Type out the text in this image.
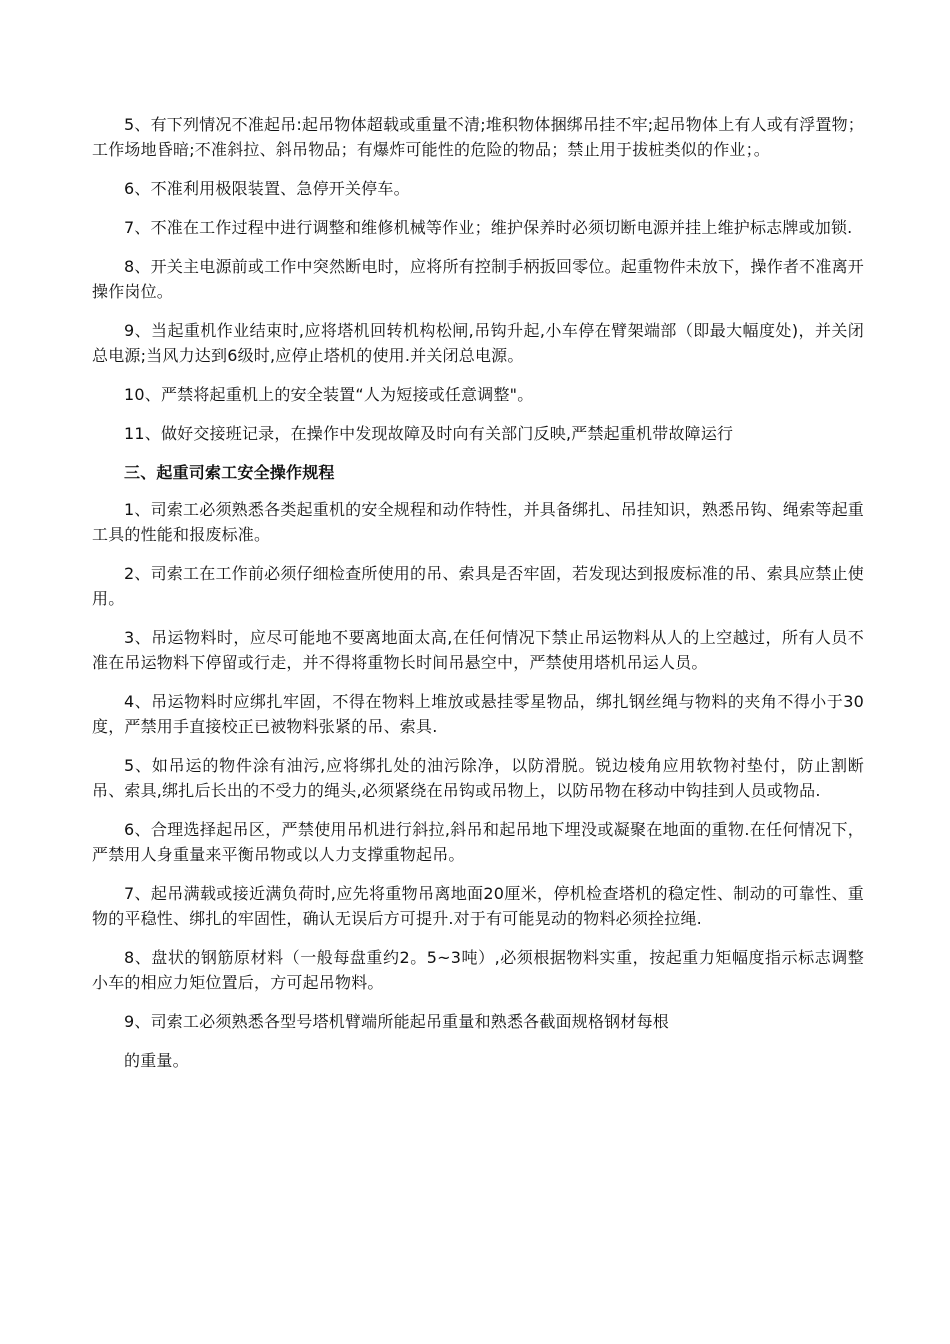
5、有下列情况不准起吊:起吊物体超载或重量不清;堆积物体捆绑吊挂不牢;起吊物体上有人或有浮置物；工作场地昏暗;不准斜拉、斜吊物品；有爆炸可能性的危险的物品；禁止用于拔桩类似的作业；。

6、不准利用极限装置、急停开关停车。

7、不准在工作过程中进行调整和维修机械等作业；维护保养时必须切断电源并挂上维护标志牌或加锁.

8、开关主电源前或工作中突然断电时，应将所有控制手柄扳回零位。起重物件未放下，操作者不准离开操作岗位。

9、当起重机作业结束时,应将塔机回转机构松闸,吊钩升起,小车停在臂架端部（即最大幅度处)，并关闭总电源;当风力达到6级时,应停止塔机的使用.并关闭总电源。

10、严禁将起重机上的安全装置“人为短接或任意调整"。

11、做好交接班记录，在操作中发现故障及时向有关部门反映,严禁起重机带故障运行

三、起重司索工安全操作规程

1、司索工必须熟悉各类起重机的安全规程和动作特性，并具备绑扎、吊挂知识，熟悉吊钩、绳索等起重工具的性能和报废标准。

2、司索工在工作前必须仔细检查所使用的吊、索具是否牢固，若发现达到报废标准的吊、索具应禁止使用。

3、吊运物料时，应尽可能地不要离地面太高,在任何情况下禁止吊运物料从人的上空越过，所有人员不准在吊运物料下停留或行走，并不得将重物长时间吊悬空中，严禁使用塔机吊运人员。

4、吊运物料时应绑扎牢固，不得在物料上堆放或悬挂零星物品，绑扎钢丝绳与物料的夹角不得小于30度，严禁用手直接校正已被物料张紧的吊、索具.

5、如吊运的物件涂有油污,应将绑扎处的油污除净，以防滑脱。锐边棱角应用软物衬垫付，防止割断吊、索具,绑扎后长出的不受力的绳头,必须紧绕在吊钩或吊物上，以防吊物在移动中钩挂到人员或物品.

6、合理选择起吊区，严禁使用吊机进行斜拉,斜吊和起吊地下埋没或凝聚在地面的重物.在任何情况下，严禁用人身重量来平衡吊物或以人力支撑重物起吊。

7、起吊满载或接近满负荷时,应先将重物吊离地面20厘米，停机检查塔机的稳定性、制动的可靠性、重物的平稳性、绑扎的牢固性，确认无误后方可提升.对于有可能晃动的物料必须拴拉绳.

8、盘状的钢筋原材料（一般每盘重约2。5~3吨）,必须根据物料实重，按起重力矩幅度指示标志调整小车的相应力矩位置后，方可起吊物料。

9、司索工必须熟悉各型号塔机臂端所能起吊重量和熟悉各截面规格钢材每根

的重量。
